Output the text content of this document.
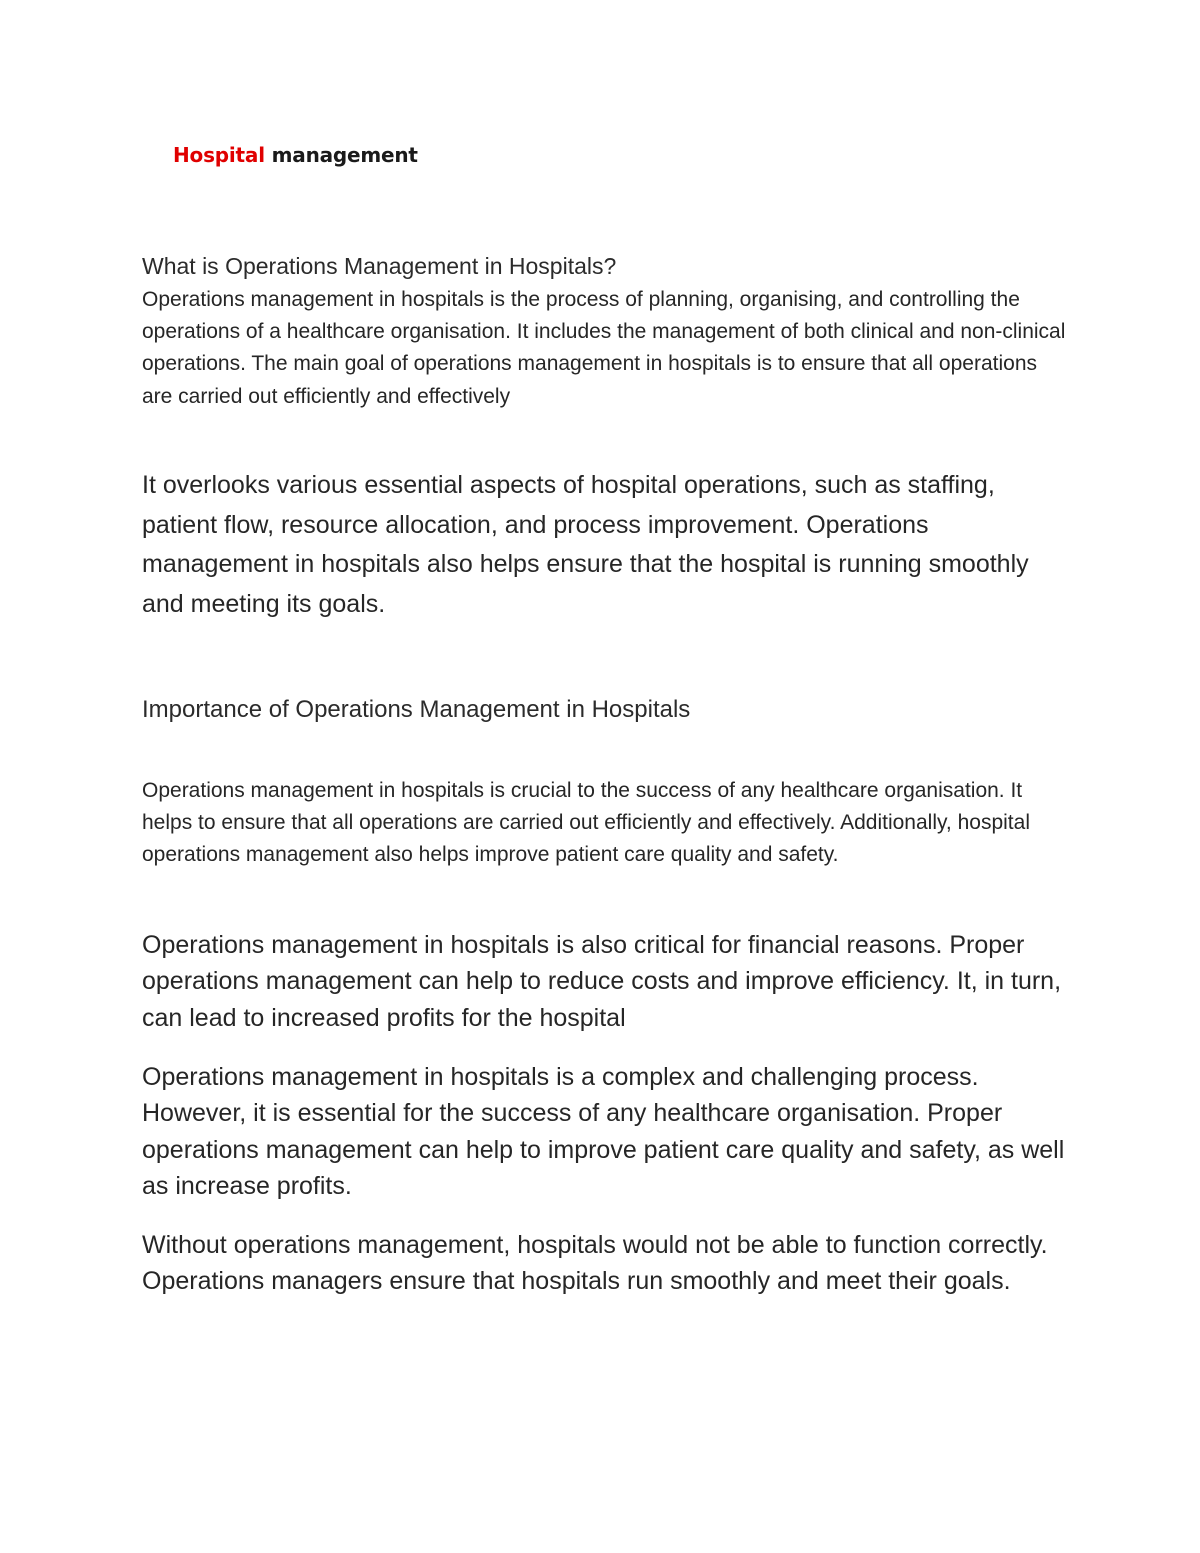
Hospital management
What is Operations Management in Hospitals?

Operations management in hospitals is the process of planning, organising, and controlling the operations of a healthcare organisation. It includes the management of both clinical and non-clinical operations. The main goal of operations management in hospitals is to ensure that all operations are carried out efficiently and effectively

It overlooks various essential aspects of hospital operations, such as staffing, patient flow, resource allocation, and process improvement. Operations management in hospitals also helps ensure that the hospital is running smoothly and meeting its goals.

Importance of Operations Management in Hospitals

Operations management in hospitals is crucial to the success of any healthcare organisation. It helps to ensure that all operations are carried out efficiently and effectively. Additionally, hospital operations management also helps improve patient care quality and safety.

Operations management in hospitals is also critical for financial reasons. Proper operations management can help to reduce costs and improve efficiency. It, in turn, can lead to increased profits for the hospital

Operations management in hospitals is a complex and challenging process. However, it is essential for the success of any healthcare organisation. Proper operations management can help to improve patient care quality and safety, as well as increase profits.

Without operations management, hospitals would not be able to function correctly. Operations managers ensure that hospitals run smoothly and meet their goals.
